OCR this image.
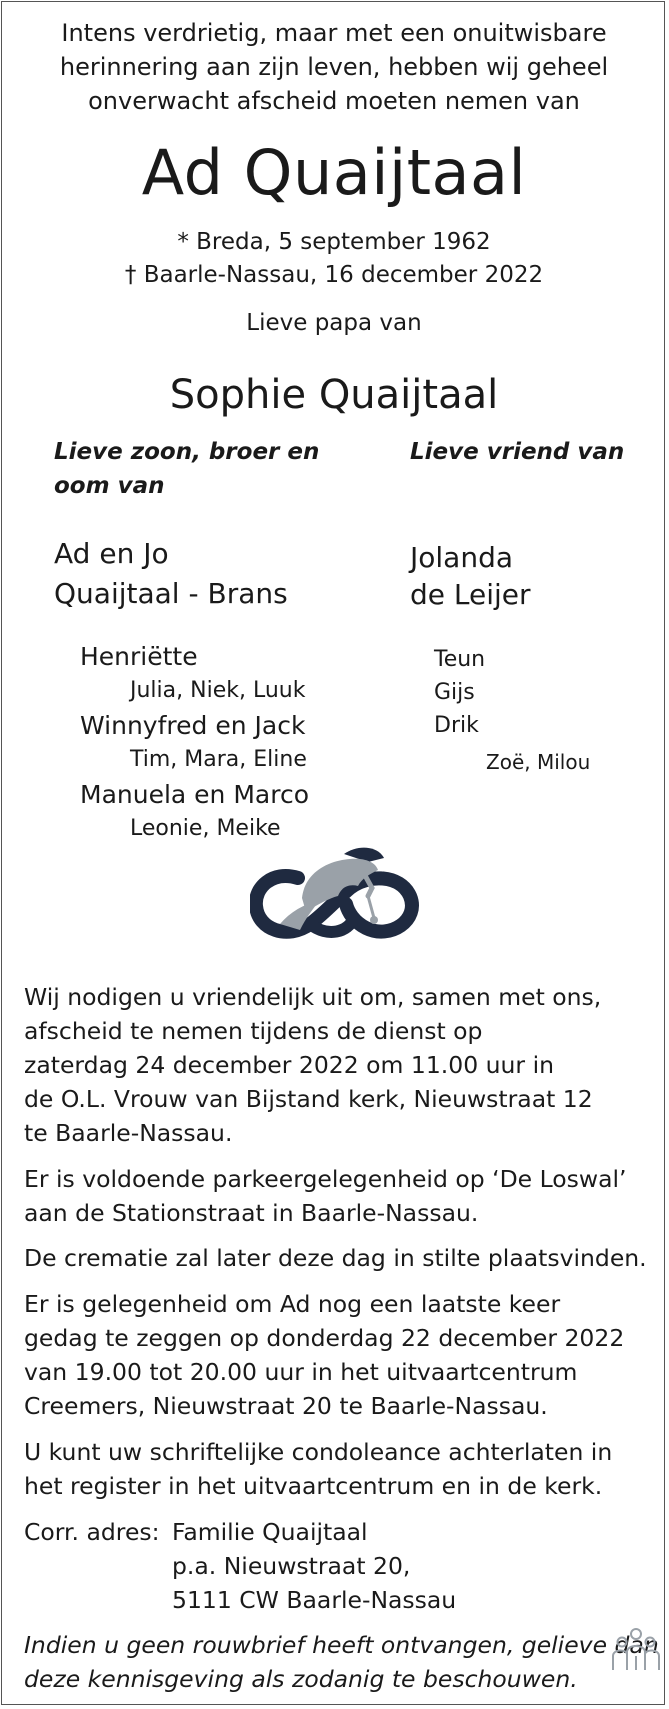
Intens verdrietig, maar met een onuitwisbare
herinnering aan zijn leven, hebben wij geheel
onverwacht afscheid moeten nemen van
Ad Quaijtaal
* Breda, 5 september 1962
† Baarle-Nassau, 16 december 2022
Lieve papa van
Sophie Quaijtaal
Lieve zoon, broer en
oom van
Ad en Jo
Quaijtaal - Brans
Henriëtte
Julia, Niek, Luuk
Winnyfred en Jack
Tim, Mara, Eline
Manuela en Marco
Leonie, Meike
Lieve vriend van
Jolanda
de Leijer
Teun
Gijs
Drik
Zoë, Milou
Wij nodigen u vriendelijk uit om, samen met ons,
afscheid te nemen tijdens de dienst op
zaterdag 24 december 2022 om 11.00 uur in
de O.L. Vrouw van Bijstand kerk, Nieuwstraat 12
te Baarle-Nassau.
Er is voldoende parkeergelegenheid op ‘De Loswal’
aan de Stationstraat in Baarle-Nassau.
De crematie zal later deze dag in stilte plaatsvinden.
Er is gelegenheid om Ad nog een laatste keer
gedag te zeggen op donderdag 22 december 2022
van 19.00 tot 20.00 uur in het uitvaartcentrum
Creemers, Nieuwstraat 20 te Baarle-Nassau.
U kunt uw schriftelijke condoleance achterlaten in
het register in het uitvaartcentrum en in de kerk.
Corr. adres: Familie Quaijtaal
p.a. Nieuwstraat 20,
5111 CW Baarle-Nassau
Indien u geen rouwbrief heeft ontvangen, gelieve dan
deze kennisgeving als zodanig te beschouwen.
